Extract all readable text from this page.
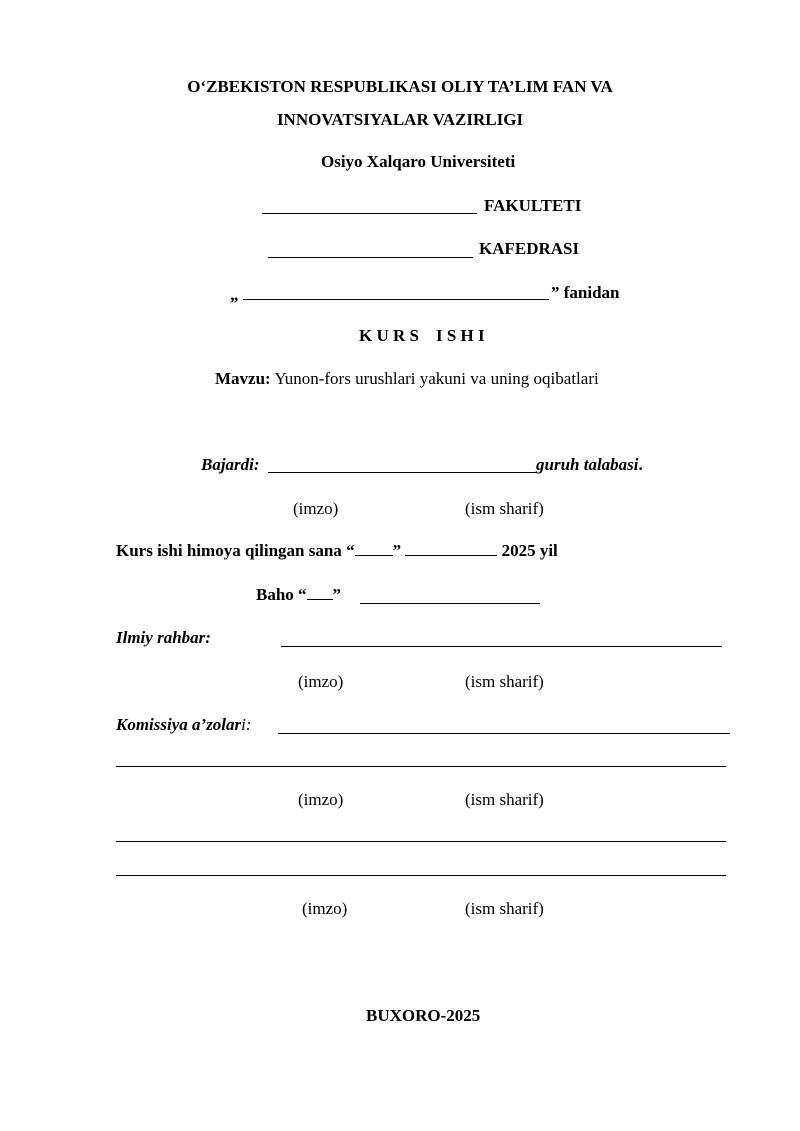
O‘ZBEKISTON RESPUBLIKASI OLIY TA’LIM FAN VA
INNOVATSIYALAR VAZIRLIGI
Osiyo Xalqaro Universiteti
FAKULTETI
KAFEDRASI
„	” fanidan
K U R S    I S H I
Mavzu: Yunon-fors urushlari yakuni va uning oqibatlari
Bajardi:	guruh talabasi.
(imzo)	(ism sharif)
Kurs ishi himoya qilingan sana “ ”	2025 yil
Baho “ ”
Ilmiy rahbar:
(imzo)	(ism sharif)
Komissiya a’zolari:
(imzo)	(ism sharif)
(imzo)	(ism sharif)
BUXORO-2025
